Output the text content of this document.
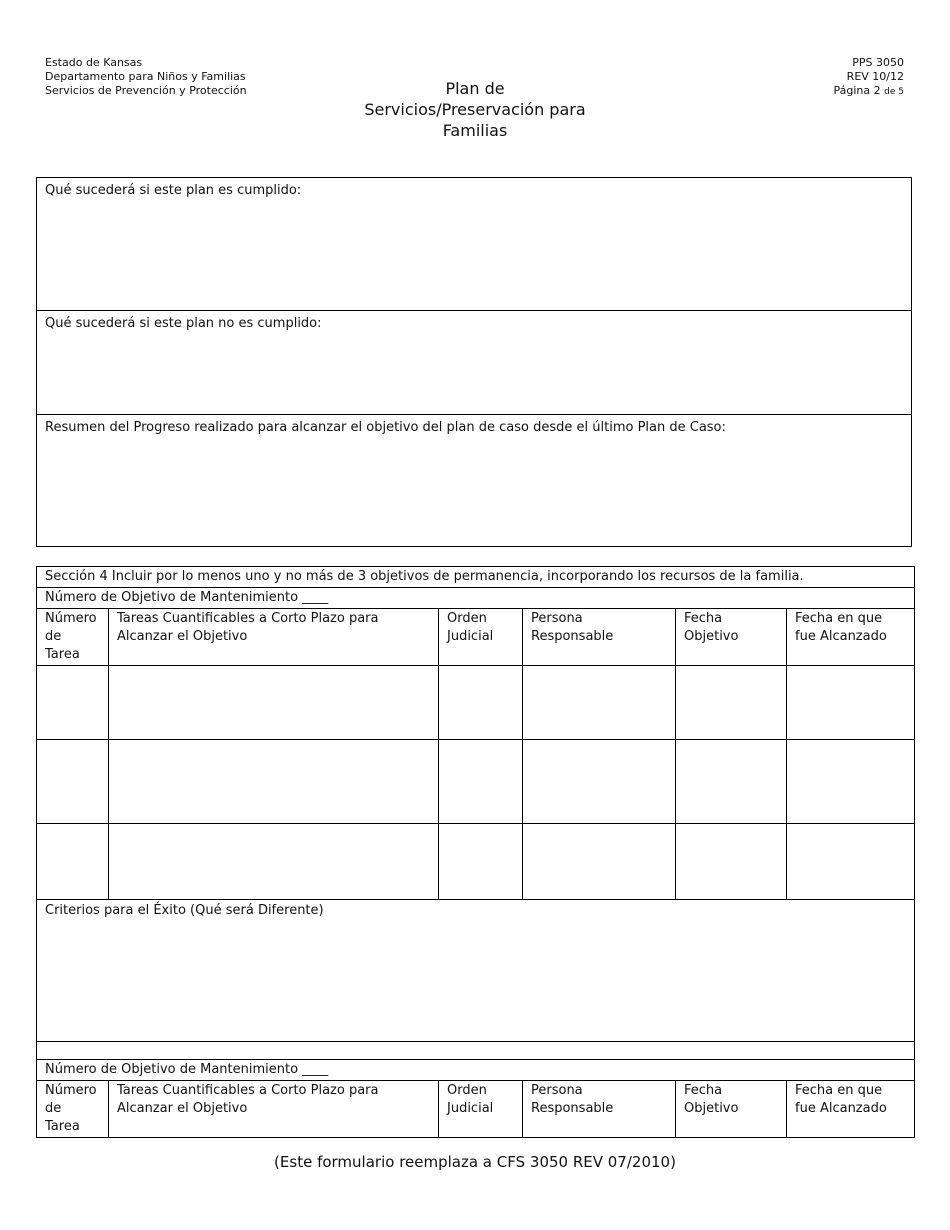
Estado de Kansas
Departamento para Niños y Familias
Servicios de Prevención y Protección	Plan de
Servicios/Preservación para
Familias
PPS 3050
REV 10/12
Página 2 de 5
Qué sucederá si este plan es cumplido:
Qué sucederá si este plan no es cumplido:
Resumen del Progreso realizado para alcanzar el objetivo del plan de caso desde el último Plan de Caso:
Sección 4 Incluir por lo menos uno y no más de 3 objetivos de permanencia, incorporando los recursos de la familia.					
Número de Objetivo de Mantenimiento ____					
Número de Tarea	Tareas Cuantificables a Corto Plazo para Alcanzar el Objetivo	Orden Judicial	Persona Responsable	Fecha Objetivo	Fecha en que fue Alcanzado

Criterios para el Éxito (Qué será Diferente)					

Número de Objetivo de Mantenimiento ____					
Número de Tarea	Tareas Cuantificables a Corto Plazo para Alcanzar el Objetivo	Orden Judicial	Persona Responsable	Fecha Objetivo	Fecha en que fue Alcanzado
(Este formulario reemplaza a CFS 3050 REV 07/2010)
